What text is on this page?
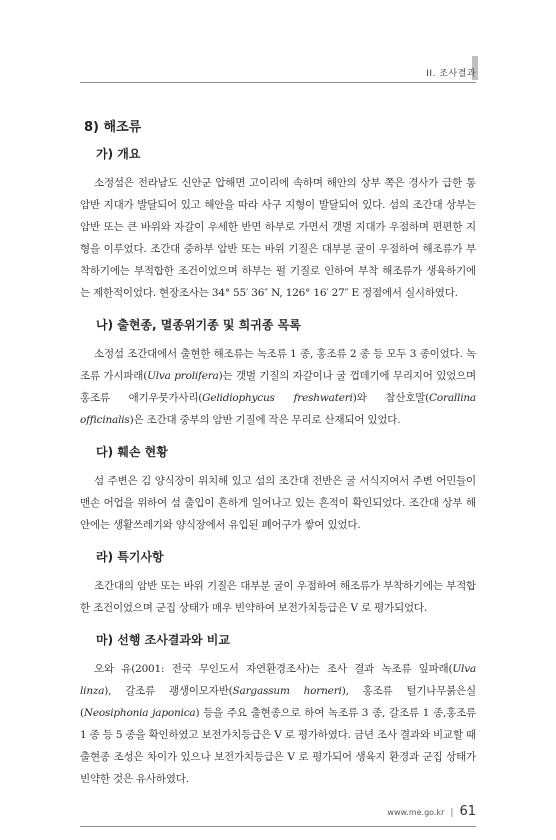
II. 조사결과
8) 해조류
가) 개요

소정섬은 전라남도 신안군 압해면 고이리에 속하며 해안의 상부 쪽은 경사가 급한 통암반 지대가 발달되어 있고 해안을 따라 사구 지형이 발달되어 있다. 섬의 조간대 상부는 암반 또는 큰 바위와 자갈이 우세한 반면 하부로 가면서 갯벌 지대가 우점하며 편편한 지형을 이루었다. 조간대 중하부 암반 또는 바위 기질은 대부분 굴이 우점하여 해조류가 부착하기에는 부적합한 조건이었으며 하부는 펄 기질로 인하여 부착 해조류가 생육하기에는 제한적이었다. 현장조사는 34° 55′ 36″ N, 126° 16′ 27″ E 정점에서 실시하였다.

나) 출현종, 멸종위기종 및 희귀종 목록

소정섬 조간대에서 출현한 해조류는 녹조류 1 종, 홍조류 2 종 등 모두 3 종이었다. 녹조류 가시파래(Ulva prolifera)는 갯벌 기질의 자갈이나 굴 껍데기에 무리지어 있었으며 홍조류 애기우뭇가사리(Gelidiophycus freshwateri)와 참산호말(Corallina officinalis)은 조간대 중부의 암반 기질에 작은 무리로 산재되어 있었다.

다) 훼손 현황

섬 주변은 김 양식장이 위치해 있고 섬의 조간대 전반은 굴 서식지여서 주변 어민들이 맨손 어업을 위하여 섬 출입이 흔하게 일어나고 있는 흔적이 확인되었다. 조간대 상부 해안에는 생활쓰레기와 양식장에서 유입된 폐어구가 쌓여 있었다.

라) 특기사항

조간대의 암반 또는 바위 기질은 대부분 굴이 우점하여 해조류가 부착하기에는 부적합한 조건이었으며 군집 상태가 매우 빈약하여 보전가치등급은 V 로 평가되었다.

마) 선행 조사결과와 비교

오와 유(2001: 전국 무인도서 자연환경조사)는 조사 결과 녹조류 잎파래(Ulva linza), 갈조류 괭생이모자반(Sargassum horneri), 홍조류 털기나무붉은실(Neosiphonia japonica) 등을 주요 출현종으로 하여 녹조류 3 종, 갈조류 1 종,홍조류 1 종 등 5 종을 확인하였고 보전가치등급은 V 로 평가하였다. 금년 조사 결과와 비교할 때 출현종 조성은 차이가 있으나 보전가치등급은 V 로 평가되어 생육지 환경과 군집 상태가 빈약한 것은 유사하였다.

www.me.go.kr | 61
